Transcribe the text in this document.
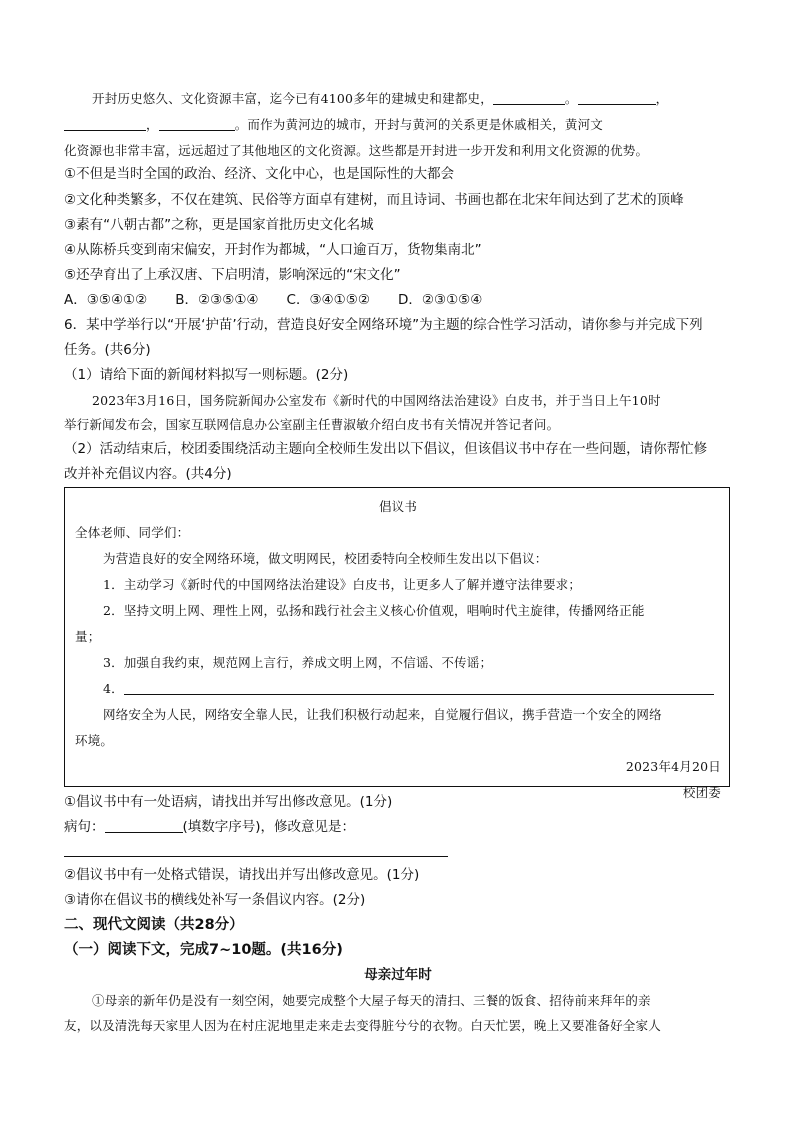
开封历史悠久、文化资源丰富，迄今已有4100多年的建城史和建都史，	。	，
，	。而作为黄河边的城市，开封与黄河的关系更是休戚相关，黄河文
化资源也非常丰富，远远超过了其他地区的文化资源。这些都是开封进一步开发和利用文化资源的优势。
①不但是当时全国的政治、经济、文化中心，也是国际性的大都会
②文化种类繁多，不仅在建筑、民俗等方面卓有建树，而且诗词、书画也都在北宋年间达到了艺术的顶峰
③素有“八朝古都”之称，更是国家首批历史文化名城
④从陈桥兵变到南宋偏安，开封作为都城，“人口逾百万，货物集南北”
⑤还孕育出了上承汉唐、下启明清，影响深远的“宋文化”
A．③⑤④①② B．②③⑤①④ C．③④①⑤② D．②③①⑤④
6．某中学举行以“开展‘护苗’行动，营造良好安全网络环境”为主题的综合性学习活动，请你参与并完成下列
任务。(共6分)
（1）请给下面的新闻材料拟写一则标题。(2分)
2023年3月16日，国务院新闻办公室发布《新时代的中国网络法治建设》白皮书，并于当日上午10时
举行新闻发布会，国家互联网信息办公室副主任曹淑敏介绍白皮书有关情况并答记者问。
（2）活动结束后，校团委围绕活动主题向全校师生发出以下倡议，但该倡议书中存在一些问题，请你帮忙修
改并补充倡议内容。(共4分)
倡议书
全体老师、同学们：
为营造良好的安全网络环境，做文明网民，校团委特向全校师生发出以下倡议：
1．主动学习《新时代的中国网络法治建设》白皮书，让更多人了解并遵守法律要求；
2．坚持文明上网、理性上网，弘扬和践行社会主义核心价值观，唱响时代主旋律，传播网络正能
量；
3．加强自我约束，规范网上言行，养成文明上网，不信谣、不传谣；
4．
网络安全为人民，网络安全靠人民，让我们积极行动起来，自觉履行倡议，携手营造一个安全的网络
环境。
2023年4月20日
校团委
①倡议书中有一处语病，请找出并写出修改意见。(1分)
病句：	(填数字序号)，修改意见是：
②倡议书中有一处格式错误，请找出并写出修改意见。(1分)
③请你在倡议书的横线处补写一条倡议内容。(2分)
二、现代文阅读（共28分）
（一）阅读下文，完成7~10题。(共16分)
母亲过年时
①母亲的新年仍是没有一刻空闲，她要完成整个大屋子每天的清扫、三餐的饭食、招待前来拜年的亲
友，以及清洗每天家里人因为在村庄泥地里走来走去变得脏兮兮的衣物。白天忙罢，晚上又要准备好全家人
